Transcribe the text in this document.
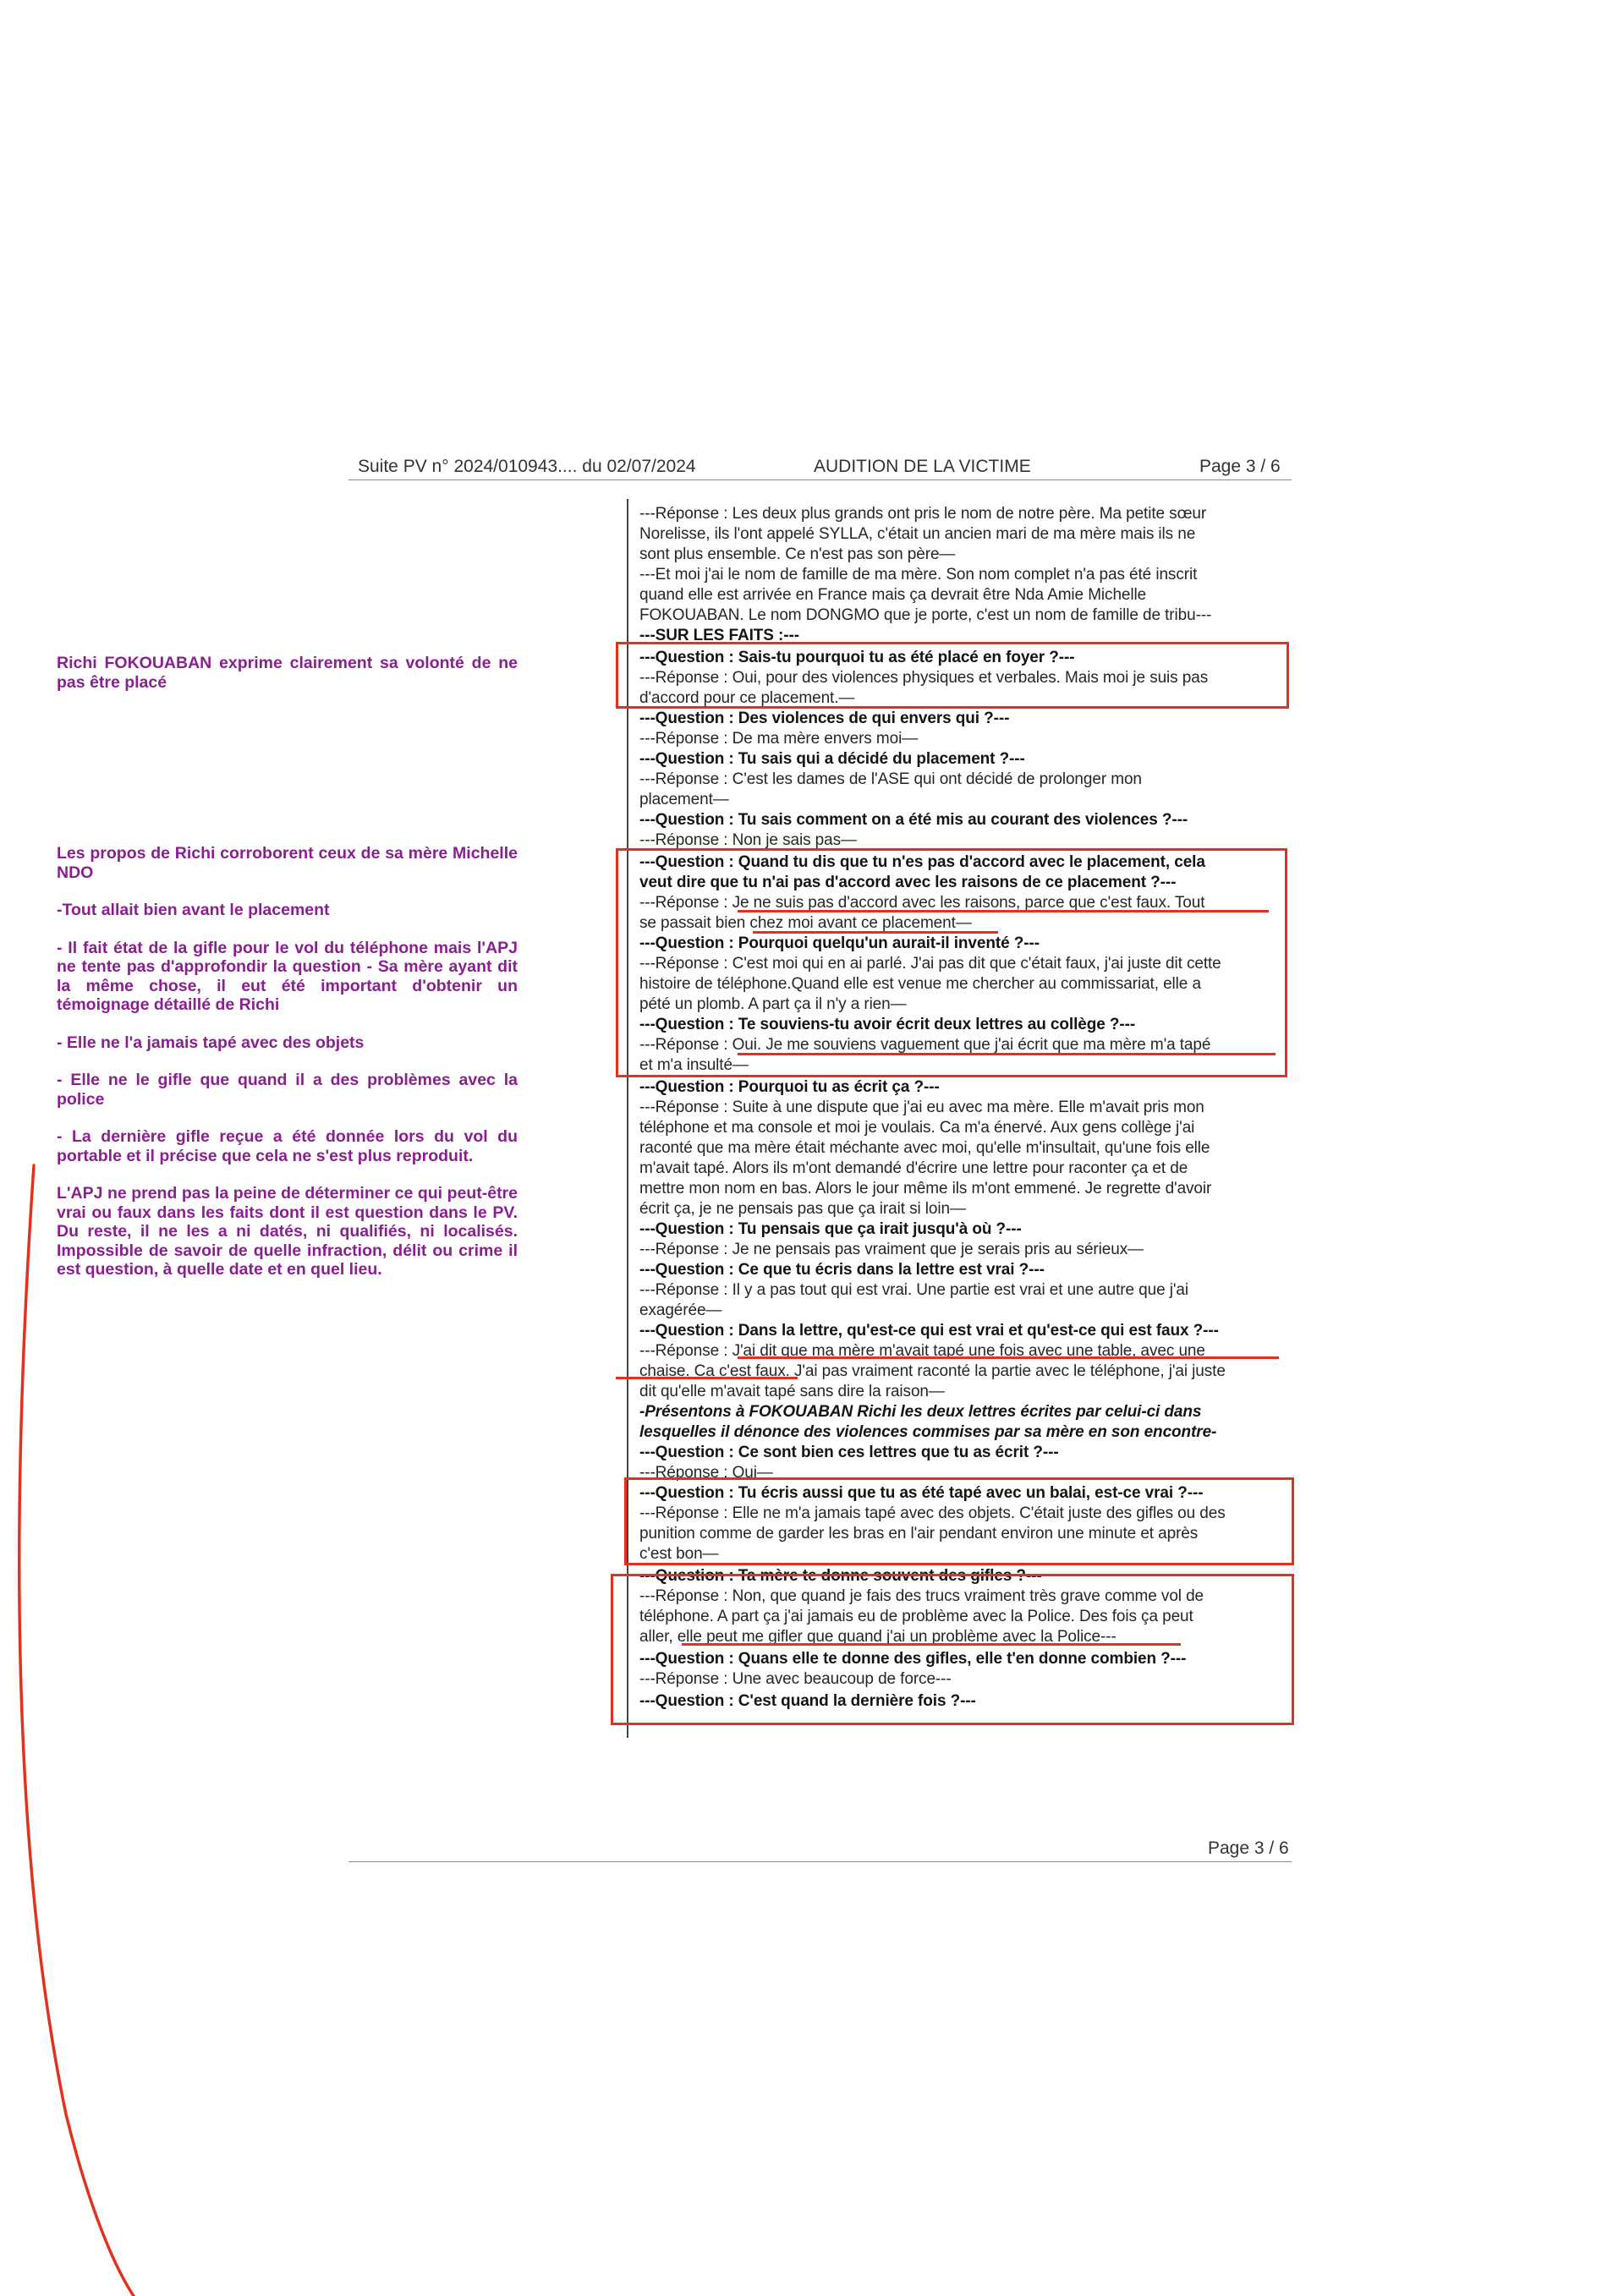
Suite PV n° 2024/010943.... du 02/07/2024	AUDITION DE LA VICTIME	Page 3 / 6
---Réponse : Les deux plus grands ont pris le nom de notre père. Ma petite sœur
Norelisse, ils l'ont appelé SYLLA, c'était un ancien mari de ma mère mais ils ne
sont plus ensemble. Ce n'est pas son père—
---Et moi j'ai le nom de famille de ma mère. Son nom complet n'a pas été inscrit
quand elle est arrivée en France mais ça devrait être Nda Amie Michelle
FOKOUABAN. Le nom DONGMO que je porte, c'est un nom de famille de tribu---
---SUR LES FAITS :---
---Question : Sais-tu pourquoi tu as été placé en foyer ?---
---Réponse : Oui, pour des violences physiques et verbales. Mais moi je suis pas
d'accord pour ce placement.—
---Question : Des violences de qui envers qui ?---
---Réponse : De ma mère envers moi—
---Question : Tu sais qui a décidé du placement ?---
---Réponse : C'est les dames de l'ASE qui ont décidé de prolonger mon
placement—
---Question : Tu sais comment on a été mis au courant des violences ?---
---Réponse : Non je sais pas—
---Question : Quand tu dis que tu n'es pas d'accord avec le placement, cela
veut dire que tu n'ai pas d'accord avec les raisons de ce placement ?---
---Réponse : Je ne suis pas d'accord avec les raisons, parce que c'est faux. Tout
se passait bien chez moi avant ce placement—
---Question : Pourquoi quelqu'un aurait-il inventé ?---
---Réponse : C'est moi qui en ai parlé. J'ai pas dit que c'était faux, j'ai juste dit cette
histoire de téléphone.Quand elle est venue me chercher au commissariat, elle a
pété un plomb. A part ça il n'y a rien—
---Question : Te souviens-tu avoir écrit deux lettres au collège ?---
---Réponse : Oui. Je me souviens vaguement que j'ai écrit que ma mère m'a tapé
et m'a insulté—
---Question : Pourquoi tu as écrit ça ?---
---Réponse : Suite à une dispute que j'ai eu avec ma mère. Elle m'avait pris mon
téléphone et ma console et moi je voulais. Ca m'a énervé. Aux gens collège j'ai
raconté que ma mère était méchante avec moi, qu'elle m'insultait, qu'une fois elle
m'avait tapé. Alors ils m'ont demandé d'écrire une lettre pour raconter ça et de
mettre mon nom en bas. Alors le jour même ils m'ont emmené. Je regrette d'avoir
écrit ça, je ne pensais pas que ça irait si loin—
---Question : Tu pensais que ça irait jusqu'à où ?---
---Réponse : Je ne pensais pas vraiment que je serais pris au sérieux—
---Question : Ce que tu écris dans la lettre est vrai ?---
---Réponse : Il y a pas tout qui est vrai. Une partie est vrai et une autre que j'ai
exagérée—
---Question : Dans la lettre, qu'est-ce qui est vrai et qu'est-ce qui est faux ?---
---Réponse : J'ai dit que ma mère m'avait tapé une fois avec une table, avec une
chaise. Ca c'est faux. J'ai pas vraiment raconté la partie avec le téléphone, j'ai juste
dit qu'elle m'avait tapé sans dire la raison—
-Présentons à FOKOUABAN Richi les deux lettres écrites par celui-ci dans
lesquelles il dénonce des violences commises par sa mère en son encontre-
---Question : Ce sont bien ces lettres que tu as écrit ?---
---Réponse : Oui—
---Question : Tu écris aussi que tu as été tapé avec un balai, est-ce vrai ?---
---Réponse : Elle ne m'a jamais tapé avec des objets. C'était juste des gifles ou des
punition comme de garder les bras en l'air pendant environ une minute et après
c'est bon—
---Question : Ta mère te donne souvent des gifles ?---
---Réponse : Non, que quand je fais des trucs vraiment très grave comme vol de
téléphone. A part ça j'ai jamais eu de problème avec la Police. Des fois ça peut
aller, elle peut me gifler que quand j'ai un problème avec la Police---
---Question : Quans elle te donne des gifles, elle t'en donne combien ?---
---Réponse : Une avec beaucoup de force---
---Question : C'est quand la dernière fois ?---

Richi FOKOUABAN exprime clairement sa volonté de ne pas être placé

Les propos de Richi corroborent ceux de sa mère Michelle NDO

-Tout allait bien avant le placement

- Il fait état de la gifle pour le vol du téléphone mais l'APJ ne tente pas d'approfondir la question - Sa mère ayant dit la même chose, il eut été important d'obtenir un témoignage détaillé de Richi

- Elle ne l'a jamais tapé avec des objets

- Elle ne le gifle que quand il a des problèmes avec la police

- La dernière gifle reçue a été donnée lors du vol du portable et il précise que cela ne s'est plus reproduit.

L'APJ ne prend pas la peine de déterminer ce qui peut-être vrai ou faux dans les faits dont il est question dans le PV. Du reste, il ne les a ni datés, ni qualifiés, ni localisés. Impossible de savoir de quelle infraction, délit ou crime il est question, à quelle date et en quel lieu.

Page 3 / 6
